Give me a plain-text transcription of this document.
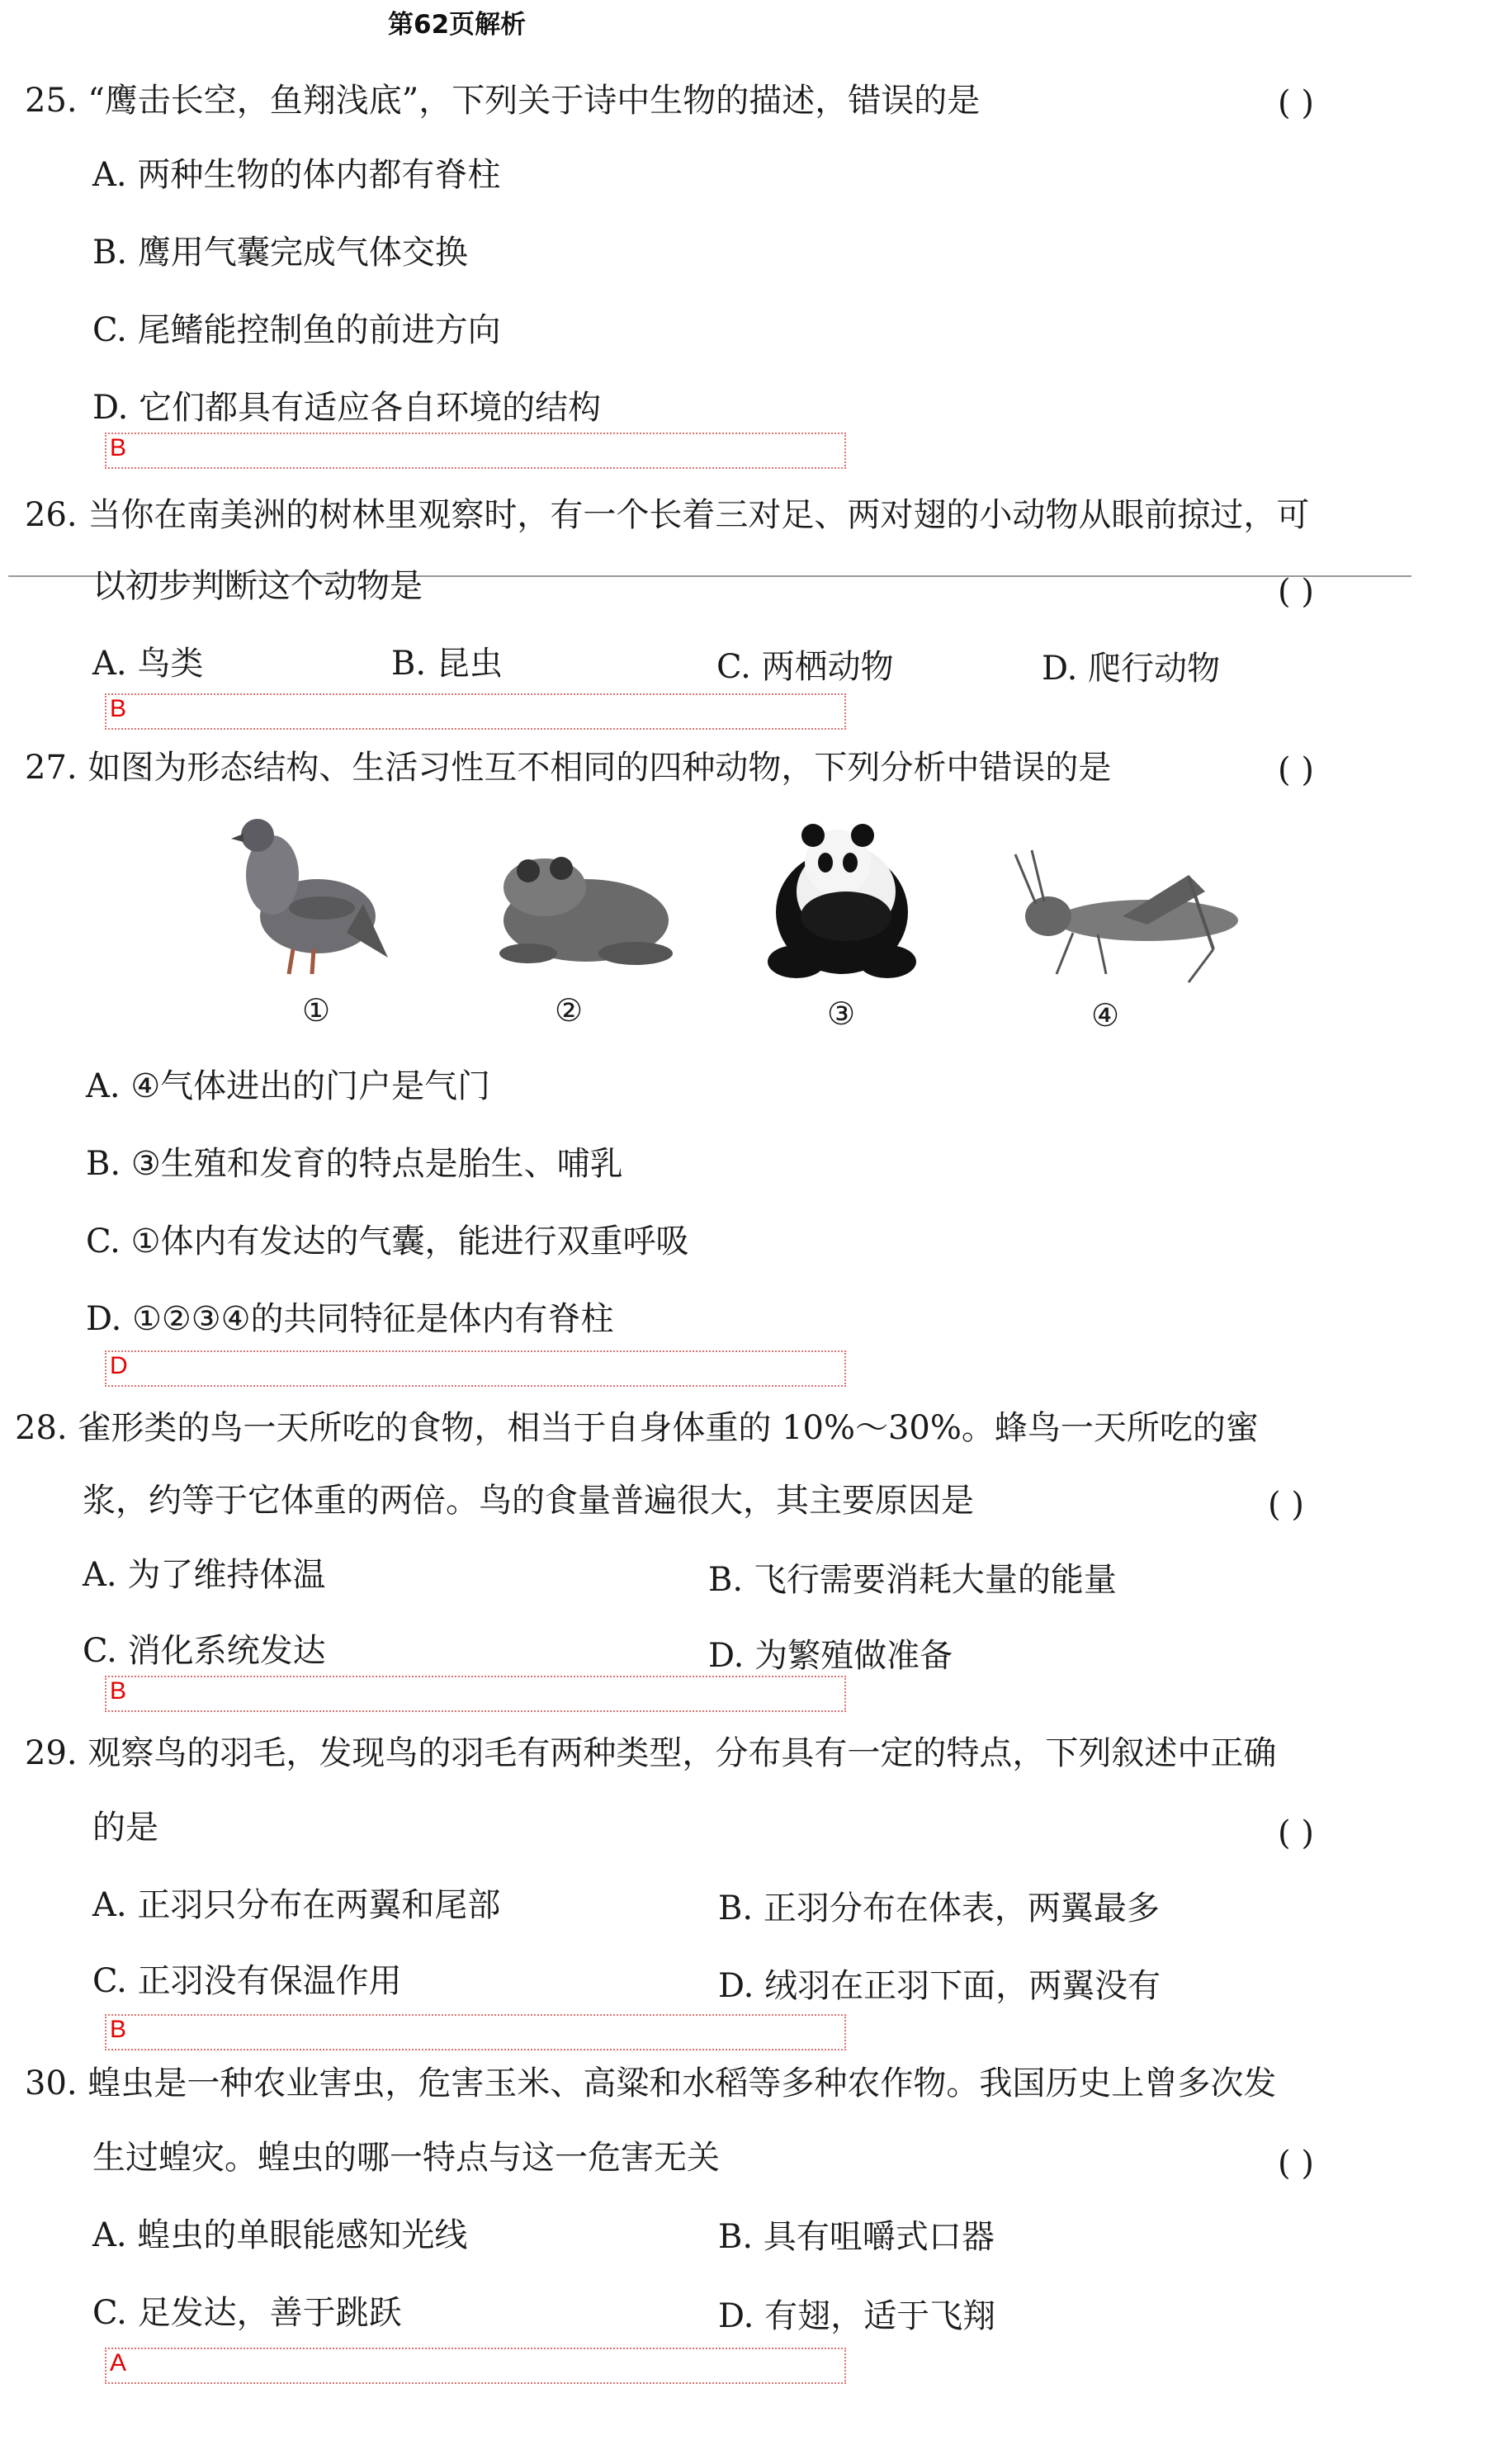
第62页解析
25. “鹰击长空，鱼翔浅底”，下列关于诗中生物的描述，错误的是	( )
A. 两种生物的体内都有脊柱
B. 鹰用气囊完成气体交换
C. 尾鳍能控制鱼的前进方向
D. 它们都具有适应各自环境的结构
B
26. 当你在南美洲的树林里观察时，有一个长着三对足、两对翅的小动物从眼前掠过，可
以初步判断这个动物是	( )
A. 鸟类	B. 昆虫	C. 两栖动物	D. 爬行动物
B
27. 如图为形态结构、生活习性互不相同的四种动物，下列分析中错误的是	( )
①	②	③	④
A. ④气体进出的门户是气门
B. ③生殖和发育的特点是胎生、哺乳
C. ①体内有发达的气囊，能进行双重呼吸
D. ①②③④的共同特征是体内有脊柱
D
28. 雀形类的鸟一天所吃的食物，相当于自身体重的 10%～30%。蜂鸟一天所吃的蜜
浆，约等于它体重的两倍。鸟的食量普遍很大，其主要原因是	( )
A. 为了维持体温	B. 飞行需要消耗大量的能量
C. 消化系统发达	D. 为繁殖做准备
B
29. 观察鸟的羽毛，发现鸟的羽毛有两种类型，分布具有一定的特点，下列叙述中正确
的是	( )
A. 正羽只分布在两翼和尾部	B. 正羽分布在体表，两翼最多
C. 正羽没有保温作用	D. 绒羽在正羽下面，两翼没有
B
30. 蝗虫是一种农业害虫，危害玉米、高粱和水稻等多种农作物。我国历史上曾多次发
生过蝗灾。蝗虫的哪一特点与这一危害无关	( )
A. 蝗虫的单眼能感知光线	B. 具有咀嚼式口器
C. 足发达，善于跳跃	D. 有翅，适于飞翔
A
